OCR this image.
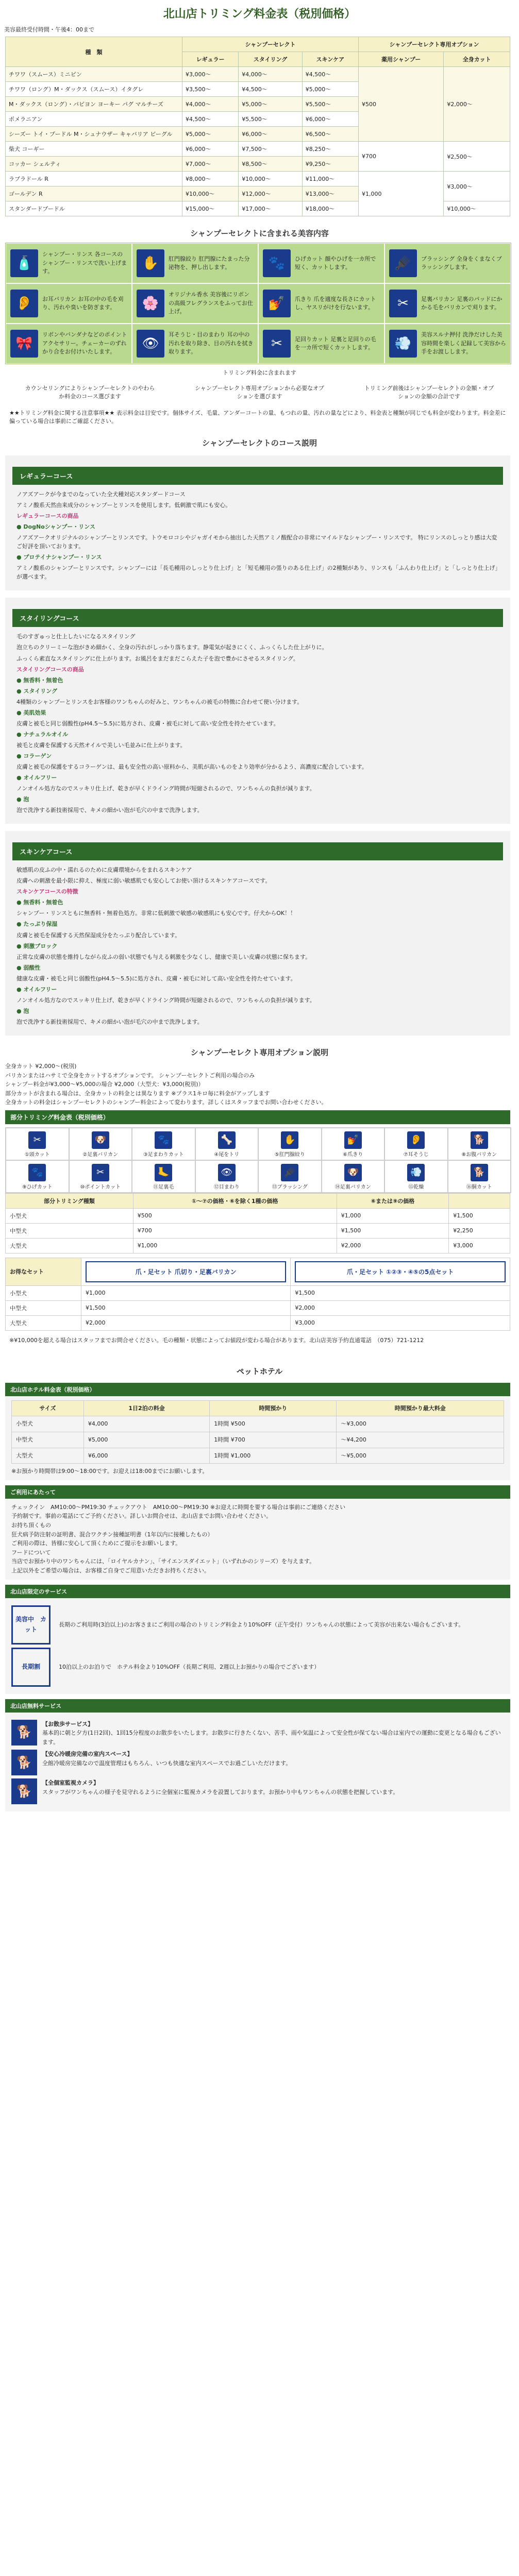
北山店トリミング料金表（税別価格）
美容最終受付時間・午後4：00まで
種　類	シャンプーセレクト			シャンプーセレクト専用オプション	
	レギュラー	スタイリング	スキンケア	薬用シャンプー	全身カット
チワワ（スムース）ミニピン	¥3,000〜	¥4,000〜	¥4,500〜	¥500	¥2,000〜
チワワ（ロング）M・ダックス（スムース）イタグレ	¥3,500〜	¥4,500〜	¥5,000〜		
M・ダックス（ロング）・パピヨン ヨーキー パグ マルチーズ	¥4,000〜	¥5,000〜	¥5,500〜		
ポメラニアン	¥4,500〜	¥5,500〜	¥6,000〜		
シーズー トイ・プードル M・シュナウザー キャバリア ビーグル	¥5,000〜	¥6,000〜	¥6,500〜		
柴犬 コーギー	¥6,000〜	¥7,500〜	¥8,250〜	¥700	¥2,500〜
コッカー シェルティ	¥7,000〜	¥8,500〜	¥9,250〜		
ラブラドール R	¥8,000〜	¥10,000〜	¥11,000〜	¥1,000	¥3,000〜
ゴールデン R	¥10,000〜	¥12,000〜	¥13,000〜		
スタンダードプードル	¥15,000〜	¥17,000〜	¥18,000〜		¥10,000〜
シャンプーセレクトに含まれる美容内容
🧴
シャンプー・リンス 各コースのシャンプー・リンスで洗い上げます。
✋	肛門腺絞り 肛門腺にたまった分泌物を、押し出します。	🐾	ひげカット 顔やひげを一カ所で短く、カットします。	🪮	ブラッシング 全身をくまなくブラッシングします。
👂	お耳バリカン お耳の中の毛を刈り、汚れや臭いを防ぎます。	🌸
オリジナル香水 美容後にリボンの高級フレグランスをふってお仕上げ。
💅	爪きり 爪を適度な長さにカットし、ヤスリがけを行ないます。	✂	足裏バリカン 足裏のパッドにかかる毛をバリカンで刈ります。
🎀
リボンやバンダナなどのポイントアクセサリー。チェーカーのずれかり合をお付けいたします。
👁
耳そうじ・目のまわり 耳の中の汚れを取り除き、目の汚れを拭き取ります。
✂	足回りカット 足裏と足回りの毛を一カ所で短くカットします。	💨
美容スルナ押付 洗浄だけした美容時間を楽しく記録して美容から手をお渡しします。
トリミング料金に含まれます
カウンセリングによりシャンプーセレクトのやわらか料金のコース選びます
シャンプーセレクト専用オプションから必要なオプションを選びます
トリミング前後はシャンプーセレクトの金額・オプションの金額の合計です
★★トリミング料金に関する注意事項★★ 表示料金は目安です。個体サイズ、毛量、アンダーコートの量、もつれの量、汚れの量などにより、料金表と種類が同じでも料金が変わります。料金差に偏っている場合は事前にご確認ください。
シャンプーセレクトのコース説明
レギュラーコース

ノアズアークが今までのなっていた全犬種対応スタンダードコース

アミノ酸系天然由来成分のシャンプーとリンスを使用します。低刺激で肌にも安心。

レギュラーコースの商品

● DogNoシャンプー・リンス

ノアズアークオリジナルのシャンプーとリンスです。トウモロコシやジャガイモから抽出した天然アミノ酸配合の非常にマイルドなシャンプー・リンスです。 特にリンスのしっとり感は大変ご好評を頂いております。

● プロテイナシャンプー・リンス

アミノ酸系のシャンプーとリンスです。シャンプーには「長毛種用のしっとり仕上げ」と「短毛種用の張りのある仕上げ」の2種類があり、リンスも「ふんわり仕上げ」と「しっとり仕上げ」が選べます。

スタイリングコース

毛のすぎゅっと仕上したいになるスタイリング

泡立ちのクリーミーな泡がきめ細かく、全身の汚れがしっかり落ちます。静電気が起きにくく、ふっくらした仕上がりに。

ふっくら素直なスタイリングに仕上がります。お風呂をまだまだこらえた子を泡で豊かにさせるスタイリング。

スタイリングコースの商品

● 無香料・無着色

● スタイリング

4種類のシャンプーとリンスをお客様のワンちゃんの好みと、ワンちゃんの被毛の特徴に合わせて使い分けます。

● 美肌効果

皮膚と被毛と同じ弱酸性(pH4.5〜5.5)に処方され、皮膚・被毛に対して高い安全性を持たせています。

● ナチュラルオイル

被毛と皮膚を保護する天然オイルで美しい毛並みに仕上がります。

● コラーゲン

皮膚と被毛の保護をするコラーゲンは、最も安全性の高い原料から、美肌が高いものをより効率が分かるよう、高濃度に配合しています。

● オイルフリー

ノンオイル処方なのでスッキリ仕上げ、乾きが早くドライング時間が短縮されるので、ワンちゃんの負担が減ります。

● 泡

泡で洗浄する新技術採用で、キメの細かい泡が毛穴の中まで洗浄します。

スキンケアコース

敏感肌の皮ふの中・濡れるのために皮膚環境からをまれるスキンケア

皮膚への刺激を最小限に抑え、極度に弱い敏感肌でも安心してお使い頂けるスキンケアコースです。

スキンケアコースの特徴

● 無香料・無着色

シャンプー・リンスともに無香料・無着色処方。非常に低刺激で敏感の敏感肌にも安心です。仔犬からOK！！

● たっぷり保湿

皮膚と被毛を保護する天然保湿成分をたっぷり配合しています。

● 刺激ブロック

正常な皮膚の状態を維持しながら皮ふの弱い状態でも与える刺激を少なくし、健康で美しい皮膚の状態に保ちます。

● 弱酸性

健康な皮膚・被毛と同じ弱酸性(pH4.5〜5.5)に処方され、皮膚・被毛に対して高い安全性を持たせています。

● オイルフリー

ノンオイル処方なのでスッキリ仕上げ、乾きが早くドライング時間が短縮されるので、ワンちゃんの負担が減ります。

● 泡

泡で洗浄する新技術採用で、キメの細かい泡が毛穴の中まで洗浄します。

シャンプーセレクト専用オプション説明
全身カット ¥2,000〜(税別)
バリカンまたはハサミで全身をカットするオプションです。 シャンプーセレクトご利用の場合のみ
シャンプー料金が¥3,000〜¥5,000の場合 ¥2,000（大型犬：¥3,000(税別)）
部分カットが含まれる場合は、全身カットの料金とは異なります ※プラス1キロ毎に料金がアップします
全身カットの料金はシャンプーセレクトのシャンプー料金によって変わります。詳しくはスタッフまでお問い合わせください。
部分トリミング料金表（税別価格）
✂
①頭カット
🐶
②足裏バリカン
🐾
③足まわりカット
🦴
④尾をトリ
✋
⑤肛門腺絞り
💅
⑥爪きり
👂
⑦耳そうじ
🐕
⑧お腹バリカン
🐾
⑨ひげカット
✂
⑩ポイントカット
🦶
⑪足裏毛
👁
⑫目まわり
🪮
⑬ブラッシング
🐶
⑭足裏バリカン
💨
⑮乾燥
🐕
⑯胴カット
部分トリミング種類	①〜⑦の価格・⑥を除く1種の価格	⑥または⑨の価格	
小型犬	¥500	¥1,000	¥1,500
中型犬	¥700	¥1,500	¥2,250
大型犬	¥1,000	¥2,000	¥3,000
お得なセット	爪・足セット 爪切り・足裏バリカン	爪・足セット ①②③・④⑤の5点セット

小型犬	¥1,000	¥1,500
中型犬	¥1,500	¥2,000
大型犬	¥2,000	¥3,000
※¥10,000を超える場合はスタッフまでお問合せください。毛の種類・状態によってお値段が変わる場合があります。北山店美容予約直通電話　（075）721-1212
ペットホテル
北山店ホテル料金表（税別価格）
サイズ	1日2泊の料金	時間預かり	時間預かり最大料金
小型犬	¥4,000	1時間 ¥500	〜¥3,000
中型犬	¥5,000	1時間 ¥700	〜¥4,200
大型犬	¥6,000	1時間 ¥1,000	〜¥5,000
※お預かり時間帯は9:00〜18:00です。お迎えは18:00までにお願いします。
ご利用にあたって
チェックイン　AM10:00〜PM19:30 チェックアウト　AM10:00〜PM19:30 ※お迎えに時間を要する場合は事前にご連絡ください
予約制です。事前の電話にてご予約ください。詳しいお問合せは、北山店までお問い合わせください。
お持ち頂くもの
狂犬病予防注射の証明書、混合ワクチン接種証明書（1年以内に接種したもの）
ご利用の際は、皆様に安心して頂くためにご提示をお願いします。
フードについて
当店でお預かり中のワンちゃんには、「ロイヤルカナン」、「サイエンスダイエット」（いずれかのシリーズ）を与えます。
上記以外をご希望の場合は、お客様ご自身でご用意いただきお持ちください。
北山店限定のサービス
美容中　カット
長期のご利用時(3泊以上)のお客さまにご利用の場合のトリミング料金より10%OFF（正午受付）ワンちゃんの状態によって美容が出来ない場合もございます。
長期割	10泊以上のお泊りで　ホテル料金より10%OFF（長期ご利用、2週以上お預かりの場合でございます）
北山店無料サービス
🐕
【お散歩サービス】
基本的に朝と夕方(1日2回)、1回15分程度のお散歩をいたします。お散歩に行きたくない、苦手、雨や気温によって安全性が保てない場合は室内での運動に変更となる場合もございます。
🐕
【安心冷暖房完備の室内スペース】
全館冷暖房完備なので温度管理はもちろん、いつも快適な室内スペースでお過ごしいただけます。
🐕
【全個室監視カメラ】
スタッフがワンちゃんの様子を見守れるように全個室に監視カメラを設置しております。お預かり中もワンちゃんの状態を把握しています。
